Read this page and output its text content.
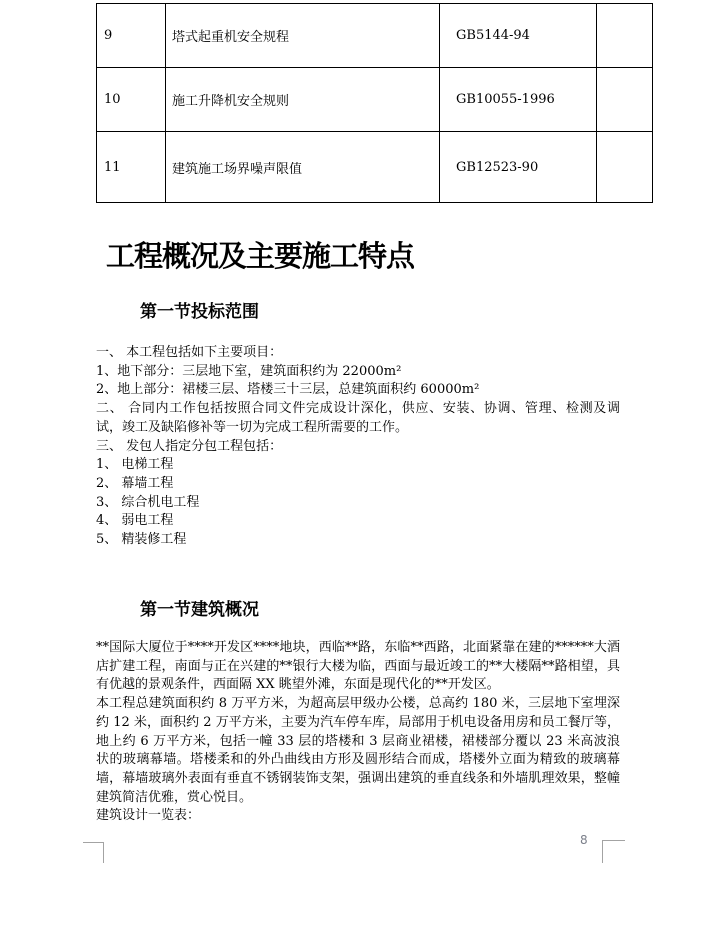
9	塔式起重机安全规程	GB5144-94	
10	施工升降机安全规则	GB10055-1996	
11	建筑施工场界噪声限值	GB12523-90	
工程概况及主要施工特点
第一节投标范围

一、 本工程包括如下主要项目：

1、地下部分：三层地下室，建筑面积约为 22000m²

2、地上部分：裙楼三层、塔楼三十三层，总建筑面积约 60000m²

二、 合同内工作包括按照合同文件完成设计深化，供应、安装、协调、管理、检测及调试，竣工及缺陷修补等一切为完成工程所需要的工作。

三、 发包人指定分包工程包括：

1、 电梯工程

2、 幕墙工程

3、 综合机电工程

4、 弱电工程

5、 精装修工程

第一节建筑概况

**国际大厦位于****开发区****地块，西临**路，东临**西路，北面紧靠在建的******大酒店扩建工程，南面与正在兴建的**银行大楼为临，西面与最近竣工的**大楼隔**路相望，具有优越的景观条件，西面隔 XX 眺望外滩，东面是现代化的**开发区。

本工程总建筑面积约 8 万平方米，为超高层甲级办公楼，总高约 180 米，三层地下室埋深约 12 米，面积约 2 万平方米，主要为汽车停车库，局部用于机电设备用房和员工餐厅等，地上约 6 万平方米，包括一幢 33 层的塔楼和 3 层商业裙楼，裙楼部分覆以 23 米高波浪状的玻璃幕墙。塔楼柔和的外凸曲线由方形及圆形结合而成，塔楼外立面为精致的玻璃幕墙，幕墙玻璃外表面有垂直不锈钢装饰支架，强调出建筑的垂直线条和外墙肌理效果，整幢建筑简洁优雅，赏心悦目。

建筑设计一览表：

8
